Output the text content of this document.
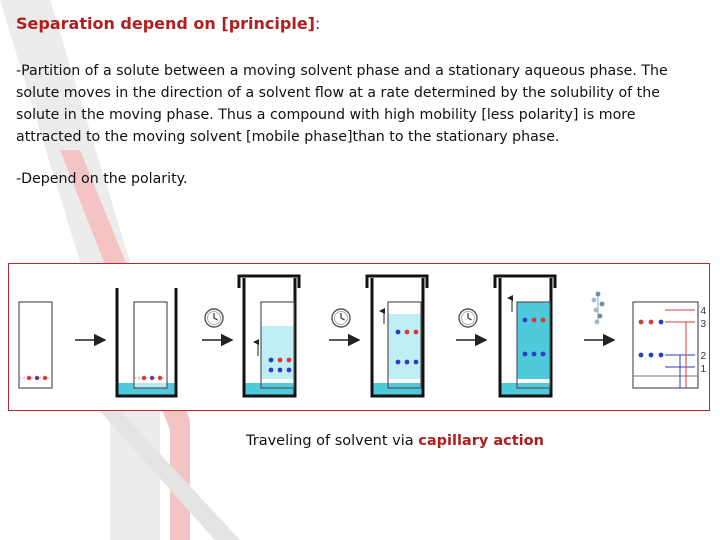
Separation depend on [principle]:

-Partition of a solute between a moving solvent phase and a stationary aqueous phase. The solute moves in the direction of a solvent flow at a rate determined by the solubility of the solute in the moving phase. Thus a compound with high mobility [less polarity] is more attracted to the moving solvent [mobile phase]than to the stationary phase.

-Depend on the polarity.

4
3
2
1

Traveling of solvent via capillary action
